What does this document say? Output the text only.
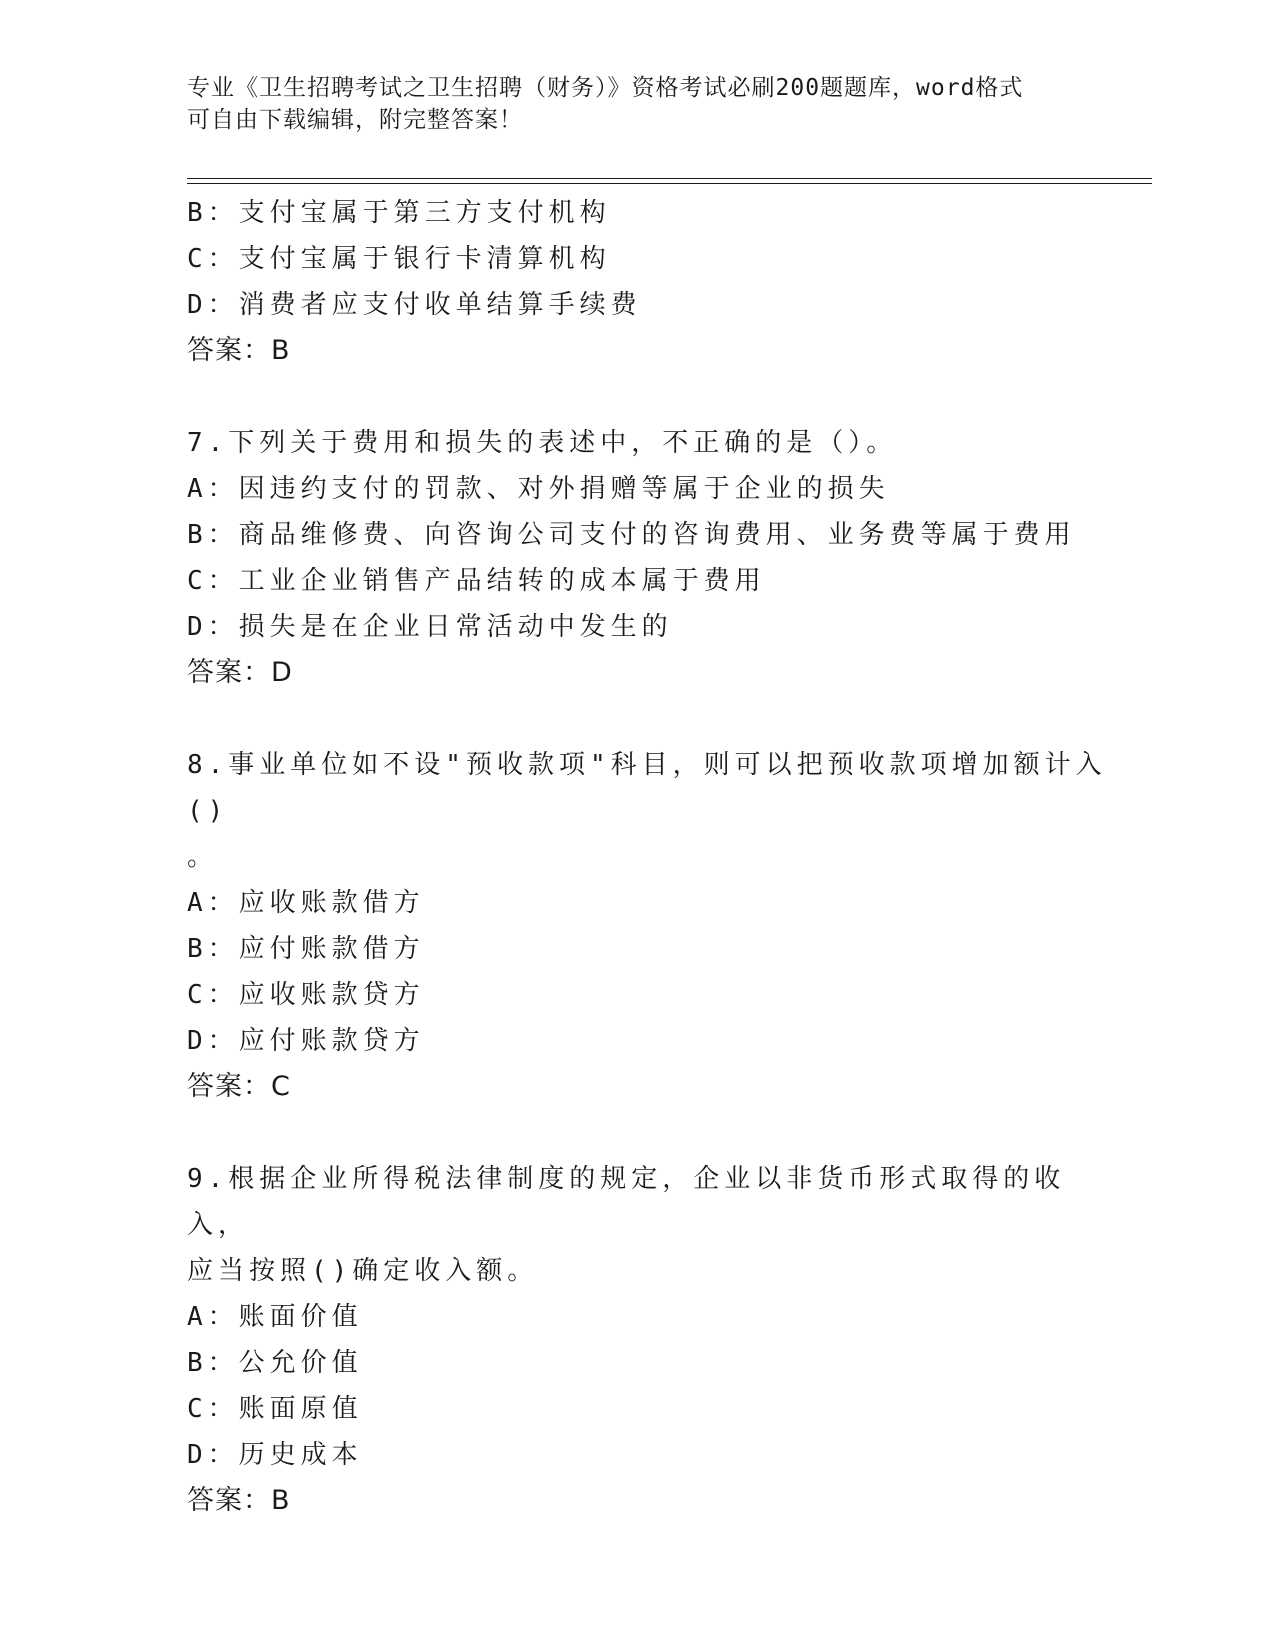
专业《卫生招聘考试之卫生招聘（财务）》资格考试必刷200题题库，word格式
可自由下载编辑，附完整答案！
B：支付宝属于第三方支付机构
C：支付宝属于银行卡清算机构
D：消费者应支付收单结算手续费
答案：B
7.下列关于费用和损失的表述中，不正确的是（）。
A：因违约支付的罚款、对外捐赠等属于企业的损失
B：商品维修费、向咨询公司支付的咨询费用、业务费等属于费用
C：工业企业销售产品结转的成本属于费用
D：损失是在企业日常活动中发生的
答案：D
8.事业单位如不设"预收款项"科目，则可以把预收款项增加额计入()
。
A：应收账款借方
B：应付账款借方
C：应收账款贷方
D：应付账款贷方
答案：C
9.根据企业所得税法律制度的规定，企业以非货币形式取得的收入，
应当按照()确定收入额。
A：账面价值
B：公允价值
C：账面原值
D：历史成本
答案：B
